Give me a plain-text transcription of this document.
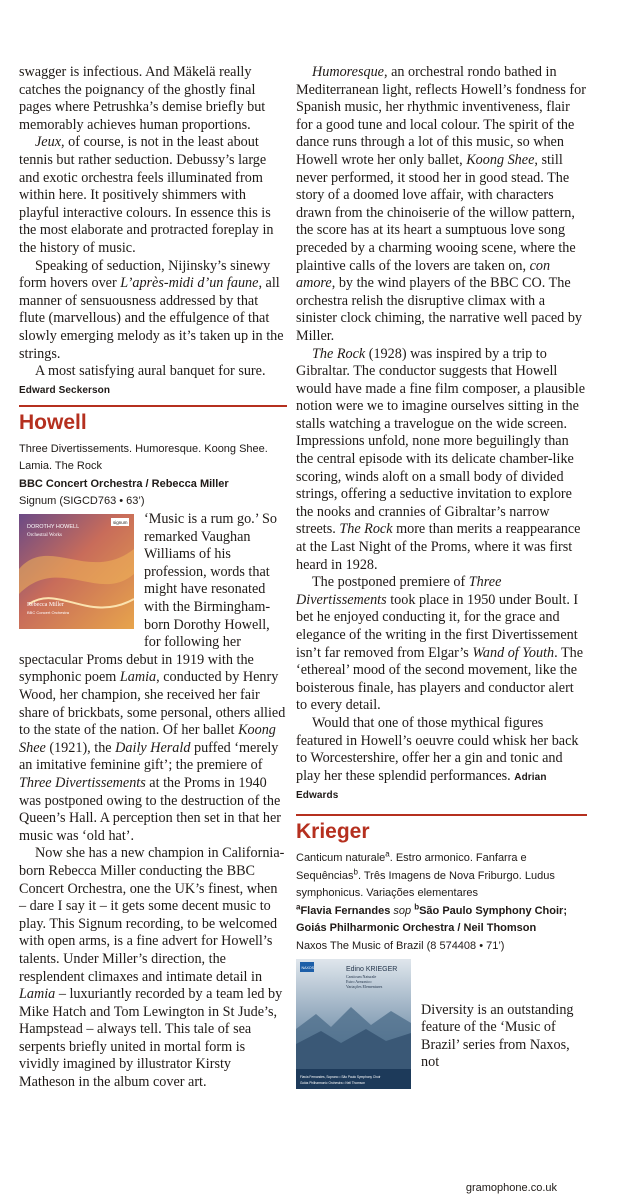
swagger is infectious. And Mäkelä really catches the poignancy of the ghostly final pages where Petrushka’s demise briefly but memorably achieves human proportions.

Jeux, of course, is not in the least about tennis but rather seduction. Debussy’s large and exotic orchestra feels illuminated from within here. It positively shimmers with playful interactive colours. In essence this is the most elaborate and protracted foreplay in the history of music.

Speaking of seduction, Nijinsky’s sinewy form hovers over L’après-midi d’un faune, all manner of sensuousness addressed by that flute (marvellous) and the effulgence of that slowly emerging melody as it’s taken up in the strings.

A most satisfying aural banquet for sure.

Edward Seckerson

Howell

Three Divertissements. Humoresque. Koong Shee. Lamia. The Rock

BBC Concert Orchestra / Rebecca Miller

Signum (SIGCD763 • 63’)

DOROTHY HOWELL
Orchestral Works
Rebecca Miller
BBC Concert Orchestra
signum	‘Music is a rum go.’ So remarked Vaughan Williams of his profession, words that might have resonated with the Birmingham-born Dorothy Howell, for following her spectacular Proms debut in 1919 with the symphonic poem Lamia, conducted by Henry Wood, her champion, she received her fair share of brickbats, some personal, others allied to the state of the nation. Of her ballet Koong Shee (1921), the Daily Herald puffed ‘merely an imitative feminine gift’; the premiere of Three Divertissements at the Proms in 1940 was postponed owing to the destruction of the Queen’s Hall. A perception then set in that her music was ‘old hat’.

Now she has a new champion in California-born Rebecca Miller conducting the BBC Concert Orchestra, one the UK’s finest, when – dare I say it – it gets some decent music to play. This Signum recording, to be welcomed with open arms, is a fine advert for Howell’s talents. Under Miller’s direction, the resplendent climaxes and intimate detail in Lamia – luxuriantly recorded by a team led by Mike Hatch and Tom Lewington in St Jude’s, Hampstead – always tell. This tale of sea serpents briefly united in mortal form is vividly imagined by illustrator Kirsty Matheson in the album cover art.

Humoresque, an orchestral rondo bathed in Mediterranean light, reflects Howell’s fondness for Spanish music, her rhythmic inventiveness, flair for a good tune and local colour. The spirit of the dance runs through a lot of this music, so when Howell wrote her only ballet, Koong Shee, still never performed, it stood her in good stead. The story of a doomed love affair, with characters drawn from the chinoiserie of the willow pattern, the score has at its heart a sumptuous love song preceded by a charming wooing scene, where the plaintive calls of the lovers are taken on, con amore, by the wind players of the BBC CO. The orchestra relish the disruptive climax with a sinister clock chiming, the narrative well paced by Miller.

The Rock (1928) was inspired by a trip to Gibraltar. The conductor suggests that Howell would have made a fine film composer, a plausible notion were we to imagine ourselves sitting in the stalls watching a travelogue on the wide screen. Impressions unfold, none more beguilingly than the central episode with its delicate chamber-like scoring, winds aloft on a small body of divided strings, offering a seductive invitation to explore the nooks and crannies of Gibraltar’s narrow streets. The Rock more than merits a reappearance at the Last Night of the Proms, where it was first heard in 1928.

The postponed premiere of Three Divertissements took place in 1950 under Boult. I bet he enjoyed conducting it, for the grace and elegance of the writing in the first Divertissement isn’t far removed from Elgar’s Wand of Youth. The ‘ethereal’ mood of the second movement, like the boisterous finale, has players and conductor alert to every detail.

Would that one of those mythical figures featured in Howell’s oeuvre could whisk her back to Worcestershire, offer her a gin and tonic and play her these splendid performances. Adrian Edwards

Krieger

Canticum naturale$^a$. Estro armonico. Fanfarra e Sequências$^b$. Três Imagens de Nova Friburgo. Ludus symphonicus. Variações elementares

$^a$Flavia Fernandes sop $^b$São Paulo Symphony Choir; Goiás Philharmonic Orchestra / Neil Thomson

Naxos The Music of Brazil (8 574408 • 71’)

NAXOS	Edino KRIEGER
Canticum Naturale
Estro Armonico
Variações Elementares
Flavia Fernandes, Soprano • São Paulo Symphony Choir
Goiás Philharmonic Orchestra • Neil Thomson

Diversity is an outstanding feature of the ‘Music of Brazil’ series from Naxos, not

gramophone.co.uk
